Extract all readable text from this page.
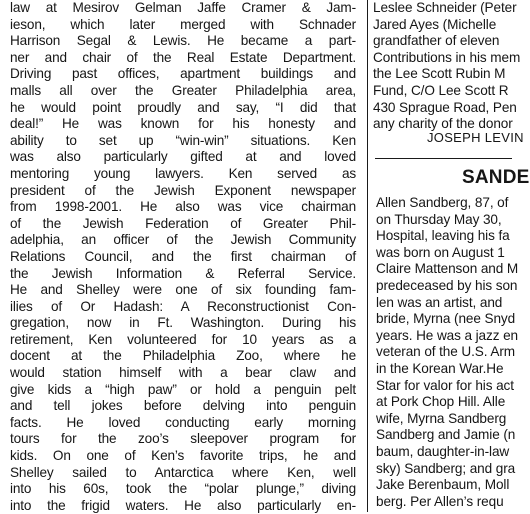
law at Mesirov Gelman Jaffe Cramer & Jam-
ieson, which later merged with Schnader
Harrison Segal & Lewis. He became a part-
ner and chair of the Real Estate Department.
Driving past offices, apartment buildings and
malls all over the Greater Philadelphia area,
he would point proudly and say, “I did that
deal!” He was known for his honesty and
ability to set up “win-win” situations. Ken
was also particularly gifted at and loved
mentoring young lawyers. Ken served as
president of the Jewish Exponent newspaper
from 1998-2001. He also was vice chairman
of the Jewish Federation of Greater Phil-
adelphia, an officer of the Jewish Community
Relations Council, and the first chairman of
the Jewish Information & Referral Service.
He and Shelley were one of six founding fam-
ilies of Or Hadash: A Reconstructionist Con-
gregation, now in Ft. Washington. During his
retirement, Ken volunteered for 10 years as a
docent at the Philadelphia Zoo, where he
would station himself with a bear claw and
give kids a “high paw” or hold a penguin pelt
and tell jokes before delving into penguin
facts. He loved conducting early morning
tours for the zoo’s sleepover program for
kids. On one of Ken’s favorite trips, he and
Shelley sailed to Antarctica where Ken, well
into his 60s, took the “polar plunge,” diving
into the frigid waters. He also particularly en-
Leslee Schneider (Peter
Jared Ayes (Michelle
grandfather of eleven
Contributions in his mem
the Lee Scott Rubin M
Fund, C/O Lee Scott R
430 Sprague Road, Pen
any charity of the donor
JOSEPH LEVIN
SANDE
Allen Sandberg, 87, of
on Thursday May 30,
Hospital, leaving his fa
was born on August 1
Claire Mattenson and M
predeceased by his son
len was an artist, and
bride, Myrna (nee Snyd
years. He was a jazz en
veteran of the U.S. Arm
in the Korean War.He
Star for valor for his act
at Pork Chop Hill. Alle
wife, Myrna Sandberg
Sandberg and Jamie (n
baum, daughter-in-law
sky) Sandberg; and gra
Jake Berenbaum, Moll
berg. Per Allen’s requ
